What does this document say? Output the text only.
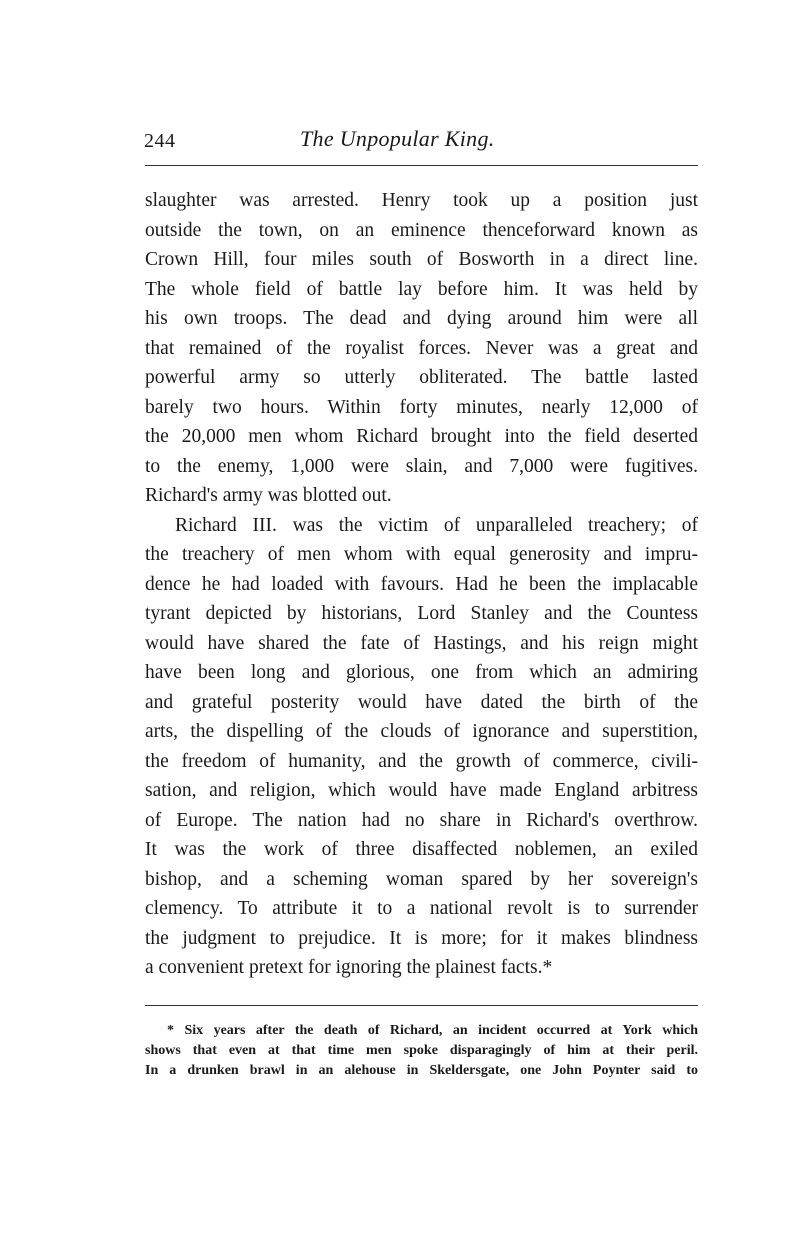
244	The Unpopular King.
slaughter was arrested. Henry took up a position just
outside the town, on an eminence thenceforward known as
Crown Hill, four miles south of Bosworth in a direct line.
The whole field of battle lay before him. It was held by
his own troops. The dead and dying around him were all
that remained of the royalist forces. Never was a great and
powerful army so utterly obliterated. The battle lasted
barely two hours. Within forty minutes, nearly 12,000 of
the 20,000 men whom Richard brought into the field deserted
to the enemy, 1,000 were slain, and 7,000 were fugitives.
Richard's army was blotted out.
Richard III. was the victim of unparalleled treachery; of
the treachery of men whom with equal generosity and impru-
dence he had loaded with favours. Had he been the implacable
tyrant depicted by historians, Lord Stanley and the Countess
would have shared the fate of Hastings, and his reign might
have been long and glorious, one from which an admiring
and grateful posterity would have dated the birth of the
arts, the dispelling of the clouds of ignorance and superstition,
the freedom of humanity, and the growth of commerce, civili-
sation, and religion, which would have made England arbitress
of Europe. The nation had no share in Richard's overthrow.
It was the work of three disaffected noblemen, an exiled
bishop, and a scheming woman spared by her sovereign's
clemency. To attribute it to a national revolt is to surrender
the judgment to prejudice. It is more; for it makes blindness
a convenient pretext for ignoring the plainest facts.*
* Six years after the death of Richard, an incident occurred at York which
shows that even at that time men spoke disparagingly of him at their peril.
In a drunken brawl in an alehouse in Skeldersgate, one John Poynter said to
